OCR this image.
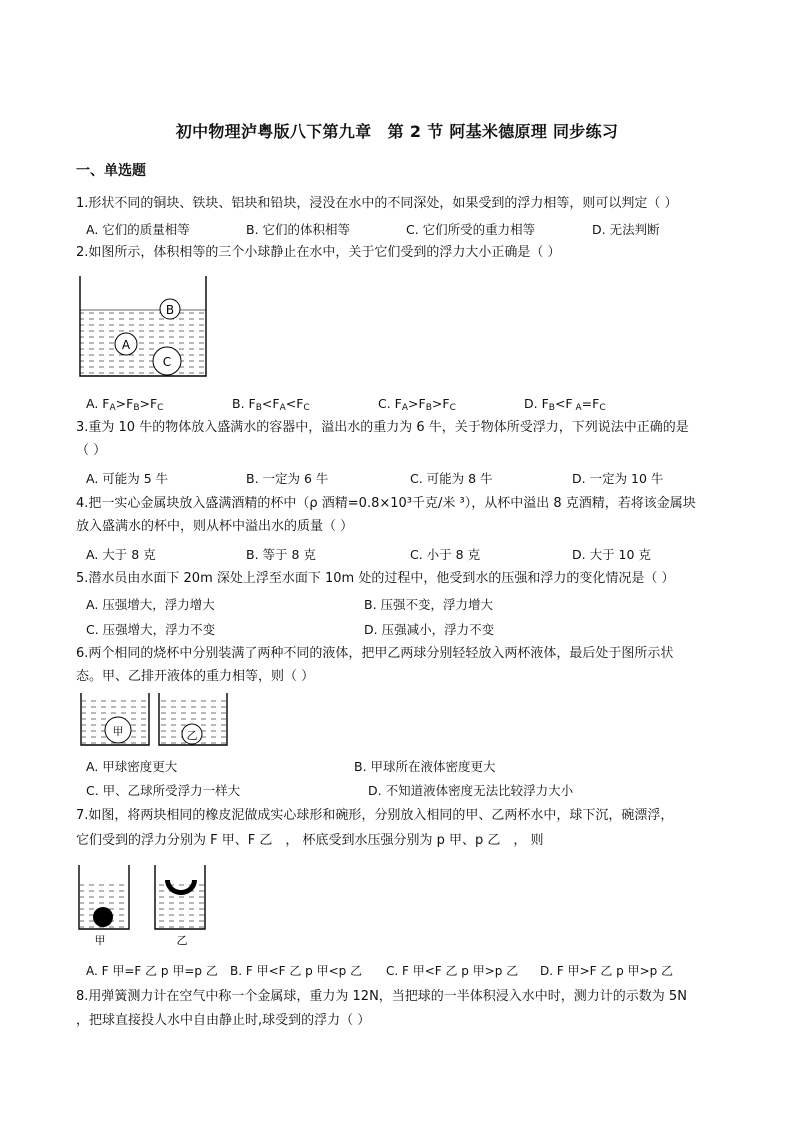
初中物理泸粤版八下第九章　第 2 节 阿基米德原理 同步练习
一、单选题
1.形状不同的铜块、铁块、铝块和铅块，浸没在水中的不同深处，如果受到的浮力相等，则可以判定（ ）
A. 它们的质量相等	B. 它们的体积相等	C. 它们所受的重力相等	D. 无法判断
2.如图所示，体积相等的三个小球静止在水中，关于它们受到的浮力大小正确是（ ）
B
A
C
A. $F_A>F_B>F_C$	B. $F_B<F_A<F_C$	C. $F_A>F_B>F_C$	D. $F_B<F$ $_A=F_C$
3.重为 10 牛的物体放入盛满水的容器中，溢出水的重力为 6 牛，关于物体所受浮力，下列说法中正确的是
（ ）
A. 可能为 5 牛	B. 一定为 6 牛	C. 可能为 8 牛	D. 一定为 10 牛
4.把一实心金属块放入盛满酒精的杯中（ρ 酒精=0.8×10³千克/米 ³），从杯中溢出 8 克酒精，若将该金属块
放入盛满水的杯中，则从杯中溢出水的质量（ ）
A. 大于 8 克	B. 等于 8 克	C. 小于 8 克	D. 大于 10 克
5.潜水员由水面下 20m 深处上浮至水面下 10m 处的过程中，他受到水的压强和浮力的变化情况是（ ）
A. 压强增大，浮力增大	B. 压强不变，浮力增大
C. 压强增大，浮力不变	D. 压强减小，浮力不变
6.两个相同的烧杯中分别装满了两种不同的液体，把甲乙两球分别轻轻放入两杯液体，最后处于图所示状
态。甲、乙排开液体的重力相等，则（ ）
甲	乙
A. 甲球密度更大	B. 甲球所在液体密度更大
C. 甲、乙球所受浮力一样大	D. 不知道液体密度无法比较浮力大小
7.如图，将两块相同的橡皮泥做成实心球形和碗形，分别放入相同的甲、乙两杯水中，球下沉，碗漂浮，
它们受到的浮力分别为 F 甲、F 乙　， 杯底受到水压强分别为 p 甲、p 乙　， 则
甲	乙
A. F 甲=F 乙 p 甲=p 乙 B. F 甲<F 乙 p 甲<p 乙 C. F 甲<F 乙 p 甲>p 乙 D. F 甲>F 乙 p 甲>p 乙
8.用弹簧测力计在空气中称一个金属球，重力为 12N，当把球的一半体积浸入水中时，测力计的示数为 5N
，把球直接投人水中自由静止时,球受到的浮力（ ）
